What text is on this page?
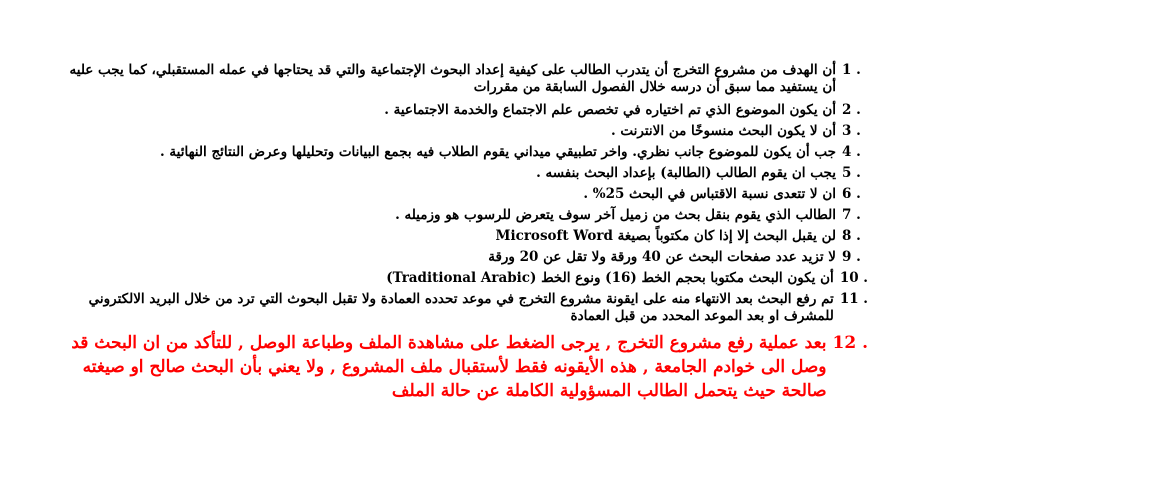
1 .
أن الهدف من مشروع التخرج أن يتدرب الطالب على كيفية إعداد البحوث الإجتماعية والتي قد يحتاجها في عمله المستقبلي، كما يجب عليه أن يستفيد مما سبق أن درسه خلال الفصول السابقة من مقررات
2 .
أن يكون الموضوع الذي تم اختياره في تخصص علم الاجتماع والخدمة الاجتماعية .
3 .
أن لا يكون البحث منسوخًا من الانترنت .
4 .
جب أن يكون للموضوع جانب نظري. واخر تطبيقي ميداني يقوم الطلاب فيه بجمع البيانات وتحليلها وعرض النتائج النهائية .
5 .
يجب ان يقوم الطالب (الطالبة) بإعداد البحث بنفسه .
6 .
ان لا تتعدى نسبة الاقتباس في البحث 25% .
7 .
الطالب الذي يقوم بنقل بحث من زميل آخر سوف يتعرض للرسوب هو وزميله .
8 .
لن يقبل البحث إلا إذا كان مكتوباً بصيغة Microsoft Word
9 .
لا تزيد عدد صفحات البحث عن 40 ورقة ولا تقل عن 20 ورقة
10 .
أن يكون البحث مكتوبا بحجم الخط (16) ونوع الخط (Traditional Arabic)
11 .
تم رفع البحث بعد الانتهاء منه على ايقونة مشروع التخرج في موعد تحدده العمادة ولا تقبل البحوث التي ترد من خلال البريد الالكتروني للمشرف او بعد الموعد المحدد من قبل العمادة
12 .
بعد عملية رفع مشروع التخرج , يرجى الضغط على مشاهدة الملف وطباعة الوصل , للتأكد من ان البحث قد وصل الى خوادم الجامعة , هذه الأيقونه فقط لأستقبال ملف المشروع , ولا يعني بأن البحث صالح او صيغته صالحة حيث يتحمل الطالب المسؤولية الكاملة عن حالة الملف
